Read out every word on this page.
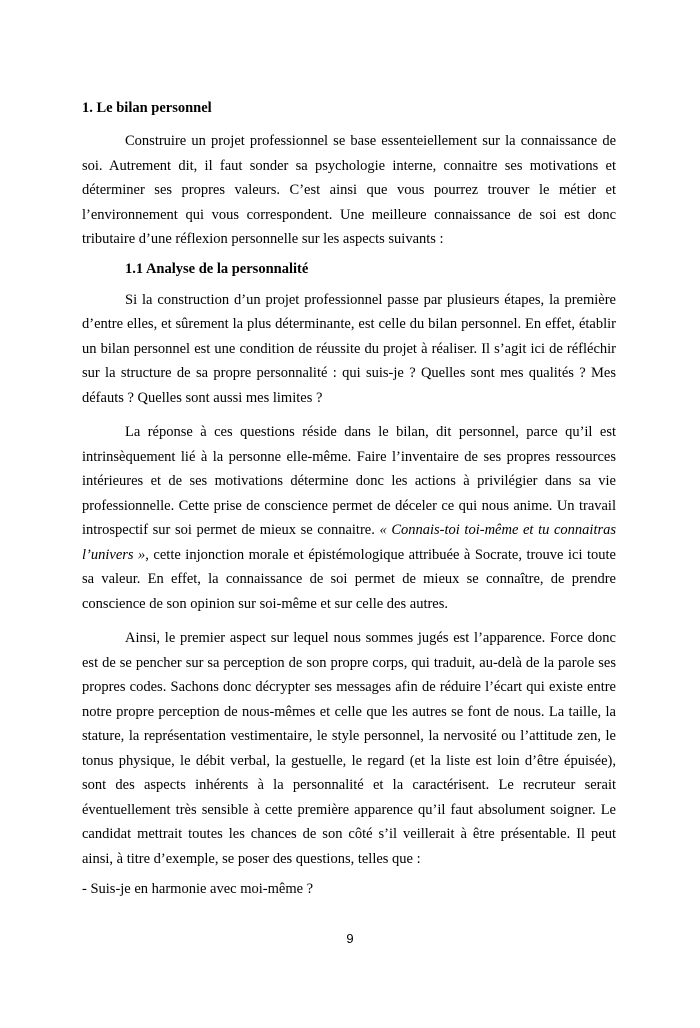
1. Le bilan personnel

Construire un projet professionnel se base essenteiellement sur la connaissance de soi. Autrement dit, il faut sonder sa psychologie interne, connaitre ses motivations et déterminer ses propres valeurs. C’est ainsi que vous pourrez trouver le métier et l’environnement qui vous correspondent. Une meilleure connaissance de soi est donc tributaire d’une réflexion personnelle sur les aspects suivants :

1.1 Analyse de la personnalité

Si la construction d’un projet professionnel passe par plusieurs étapes, la première d’entre elles, et sûrement la plus déterminante, est celle du bilan personnel. En effet, établir un bilan personnel est une condition de réussite du projet à réaliser. Il s’agit ici de réfléchir sur la structure de sa propre personnalité : qui suis-je ? Quelles sont mes qualités ? Mes défauts ? Quelles sont aussi mes limites ?

La réponse à ces questions réside dans le bilan, dit personnel, parce qu’il est intrinsèquement lié à la personne elle-même. Faire l’inventaire de ses propres ressources intérieures et de ses motivations détermine donc les actions à privilégier dans sa vie professionnelle. Cette prise de conscience permet de déceler ce qui nous anime. Un travail introspectif sur soi permet de mieux se connaitre. « Connais-toi toi-même et tu connaitras l’univers », cette injonction morale et épistémologique attribuée à Socrate, trouve ici toute sa valeur. En effet, la connaissance de soi permet de mieux se connaître, de prendre conscience de son opinion sur soi-même et sur celle des autres.

Ainsi, le premier aspect sur lequel nous sommes jugés est l’apparence. Force donc est de se pencher sur sa perception de son propre corps, qui traduit, au-delà de la parole ses propres codes. Sachons donc décrypter ses messages afin de réduire l’écart qui existe entre notre propre perception de nous-mêmes et celle que les autres se font de nous. La taille, la stature, la représentation vestimentaire, le style personnel, la nervosité ou l’attitude zen, le tonus physique, le débit verbal, la gestuelle, le regard (et la liste est loin d’être épuisée), sont des aspects inhérents à la personnalité et la caractérisent. Le recruteur serait éventuellement très sensible à cette première apparence qu’il faut absolument soigner. Le candidat mettrait toutes les chances de son côté s’il veillerait à être présentable. Il peut ainsi, à titre d’exemple, se poser des questions, telles que :

- Suis-je en harmonie avec moi-même ?

9
